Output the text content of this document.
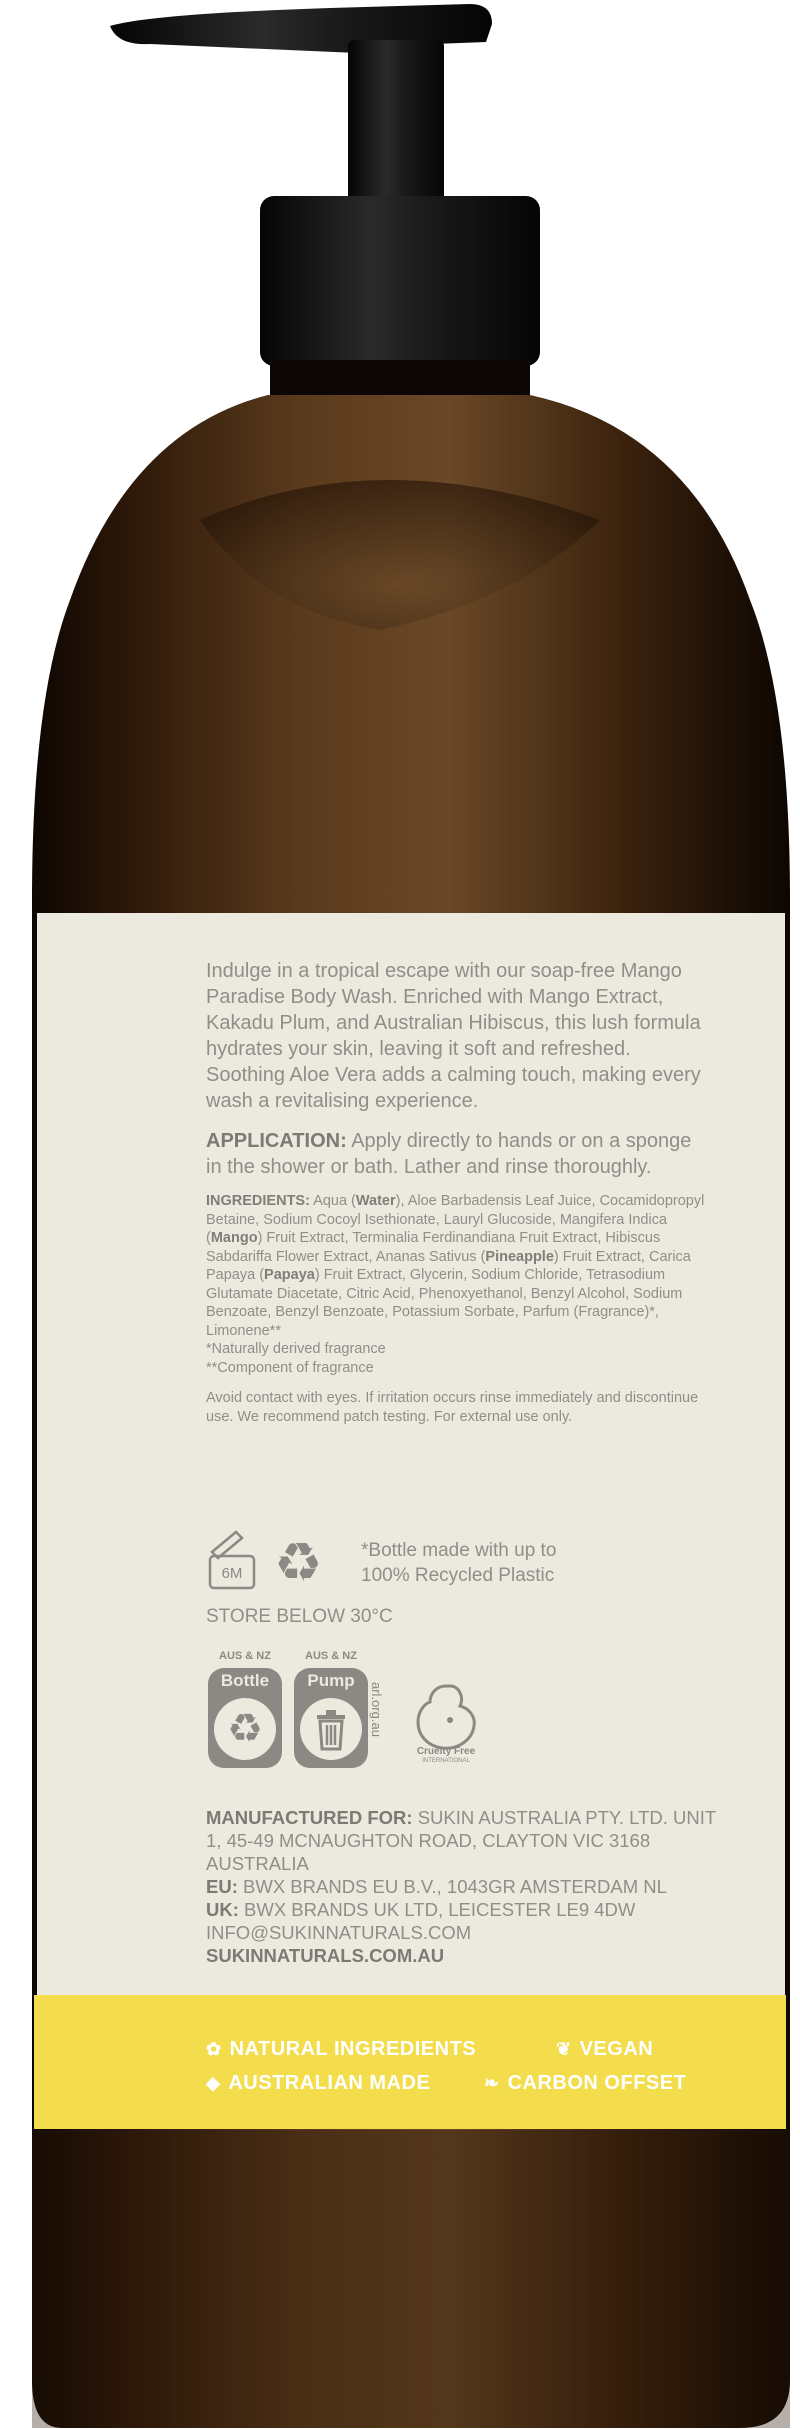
Indulge in a tropical escape with our soap-free Mango Paradise Body Wash. Enriched with Mango Extract, Kakadu Plum, and Australian Hibiscus, this lush formula hydrates your skin, leaving it soft and refreshed. Soothing Aloe Vera adds a calming touch, making every wash a revitalising experience.

APPLICATION: Apply directly to hands or on a sponge in the shower or bath. Lather and rinse thoroughly.

INGREDIENTS: Aqua (Water), Aloe Barbadensis Leaf Juice, Cocamidopropyl Betaine, Sodium Cocoyl Isethionate, Lauryl Glucoside, Mangifera Indica (Mango) Fruit Extract, Terminalia Ferdinandiana Fruit Extract, Hibiscus Sabdariffa Flower Extract, Ananas Sativus (Pineapple) Fruit Extract, Carica Papaya (Papaya) Fruit Extract, Glycerin, Sodium Chloride, Tetrasodium Glutamate Diacetate, Citric Acid, Phenoxyethanol, Benzyl Alcohol, Sodium Benzoate, Benzyl Benzoate, Potassium Sorbate, Parfum (Fragrance)*, Limonene**

*Naturally derived fragrance

**Component of fragrance

Avoid contact with eyes. If irritation occurs rinse immediately and discontinue use. We recommend patch testing. For external use only.

6M ♻ *Bottle made with up to
100% Recycled Plastic
STORE BELOW 30°C
AUS & NZ
Bottle
♻
AUS & NZ
Pump
arl.org.au
Cruelty Free
INTERNATIONAL

MANUFACTURED FOR: SUKIN AUSTRALIA PTY. LTD. UNIT 1, 45-49 MCNAUGHTON ROAD, CLAYTON VIC 3168 AUSTRALIA

EU: BWX BRANDS EU B.V., 1043GR AMSTERDAM NL

UK: BWX BRANDS UK LTD, LEICESTER LE9 4DW

INFO@SUKINNATURALS.COM

SUKINNATURALS.COM.AU

✿ NATURAL INGREDIENTS	❦ VEGAN
◆ AUSTRALIAN MADE	❧ CARBON OFFSET
